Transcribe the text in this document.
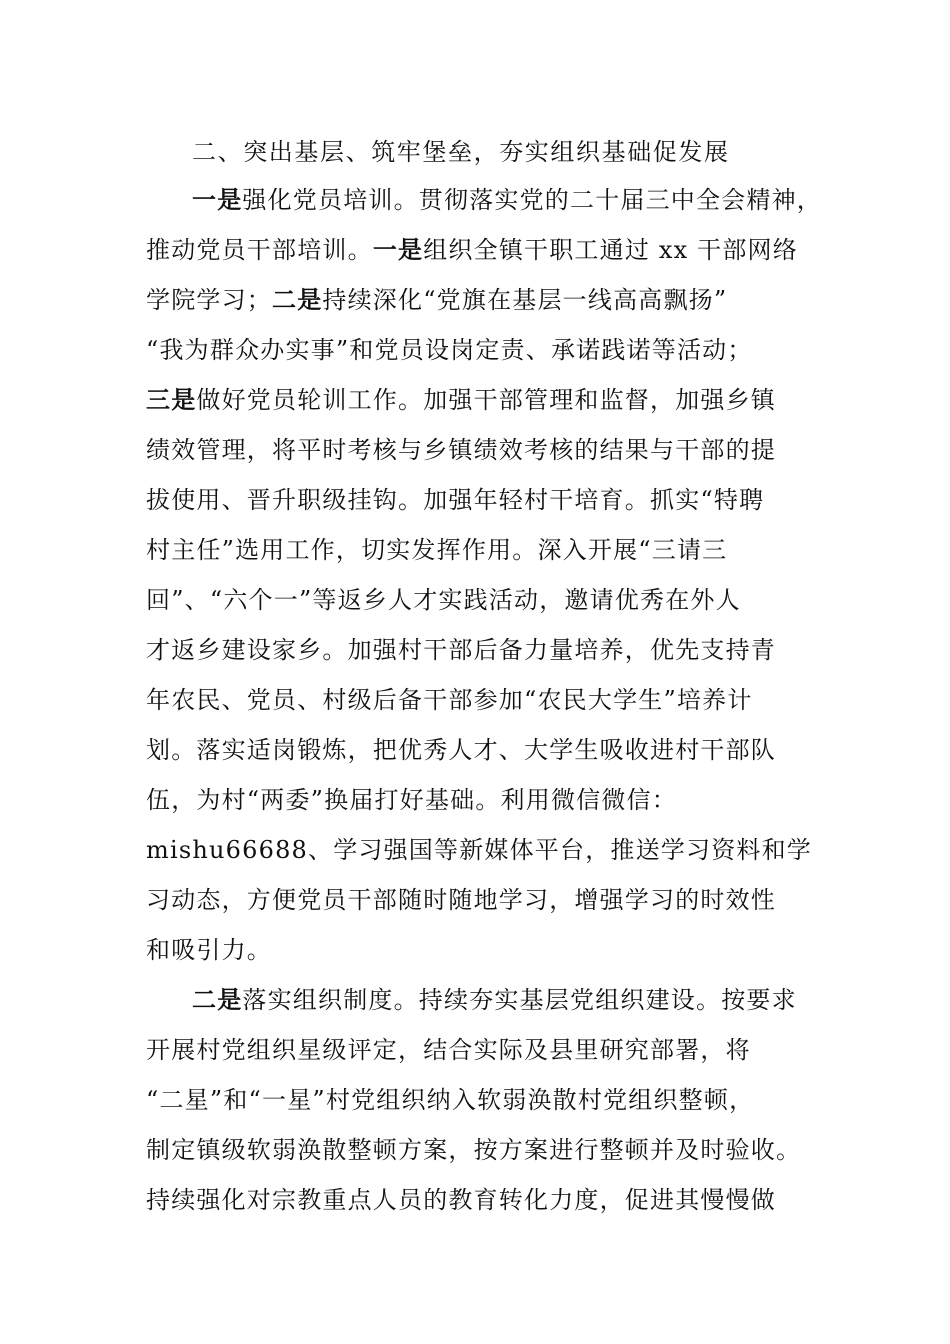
二、突出基层、筑牢堡垒，夯实组织基础促发展
一是强化党员培训。贯彻落实党的二十届三中全会精神，
推动党员干部培训。一是组织全镇干职工通过 xx 干部网络
学院学习；二是持续深化“党旗在基层一线高高飘扬”
“我为群众办实事”和党员设岗定责、承诺践诺等活动；
三是做好党员轮训工作。加强干部管理和监督，加强乡镇
绩效管理，将平时考核与乡镇绩效考核的结果与干部的提
拔使用、晋升职级挂钩。加强年轻村干培育。抓实“特聘
村主任”选用工作，切实发挥作用。深入开展“三请三
回”、“六个一”等返乡人才实践活动，邀请优秀在外人
才返乡建设家乡。加强村干部后备力量培养，优先支持青
年农民、党员、村级后备干部参加“农民大学生”培养计
划。落实适岗锻炼，把优秀人才、大学生吸收进村干部队
伍，为村“两委”换届打好基础。利用微信微信：
mishu66688、学习强国等新媒体平台，推送学习资料和学
习动态，方便党员干部随时随地学习，增强学习的时效性
和吸引力。
二是落实组织制度。持续夯实基层党组织建设。按要求
开展村党组织星级评定，结合实际及县里研究部署，将
“二星”和“一星”村党组织纳入软弱涣散村党组织整顿，
制定镇级软弱涣散整顿方案，按方案进行整顿并及时验收。
持续强化对宗教重点人员的教育转化力度，促进其慢慢做
